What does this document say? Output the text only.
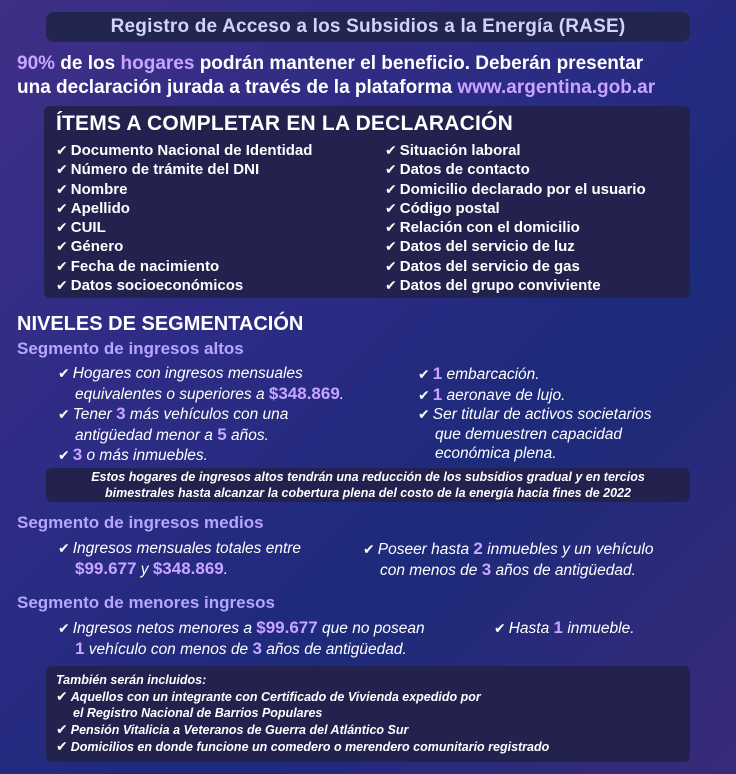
Registro de Acceso a los Subsidios a la Energía (RASE)
90% de los hogares podrán mantener el beneficio. Deberán presentar
una declaración jurada a través de la plataforma www.argentina.gob.ar
ÍTEMS A COMPLETAR EN LA DECLARACIÓN
✔ Documento Nacional de Identidad
✔ Número de trámite del DNI
✔ Nombre
✔ Apellido
✔ CUIL
✔ Género
✔ Fecha de nacimiento
✔ Datos socioeconómicos
✔ Situación laboral
✔ Datos de contacto
✔ Domicilio declarado por el usuario
✔ Código postal
✔ Relación con el domicilio
✔ Datos del servicio de luz
✔ Datos del servicio de gas
✔ Datos del grupo conviviente
NIVELES DE SEGMENTACIÓN
Segmento de ingresos altos
✔ Hogares con ingresos mensuales
equivalentes o superiores a $348.869.
✔ Tener 3 más vehículos con una
antigüedad menor a 5 años.
✔ 3 o más inmuebles.
✔ 1 embarcación.
✔ 1 aeronave de lujo.
✔ Ser titular de activos societarios
que demuestren capacidad
económica plena.
Estos hogares de ingresos altos tendrán una reducción de los subsidios gradual y en tercios
bimestrales hasta alcanzar la cobertura plena del costo de la energía hacia fines de 2022
Segmento de ingresos medios
✔ Ingresos mensuales totales entre
$99.677 y $348.869.
✔ Poseer hasta 2 inmuebles y un vehículo
con menos de 3 años de antigüedad.
Segmento de menores ingresos
✔ Ingresos netos menores a $99.677 que no posean
1 vehículo con menos de 3 años de antigüedad.
✔ Hasta 1 inmueble.
También serán incluidos:
✔ Aquellos con un integrante con Certificado de Vivienda expedido por
el Registro Nacional de Barrios Populares
✔ Pensión Vitalicia a Veteranos de Guerra del Atlántico Sur
✔ Domicilios en donde funcione un comedero o merendero comunitario registrado
